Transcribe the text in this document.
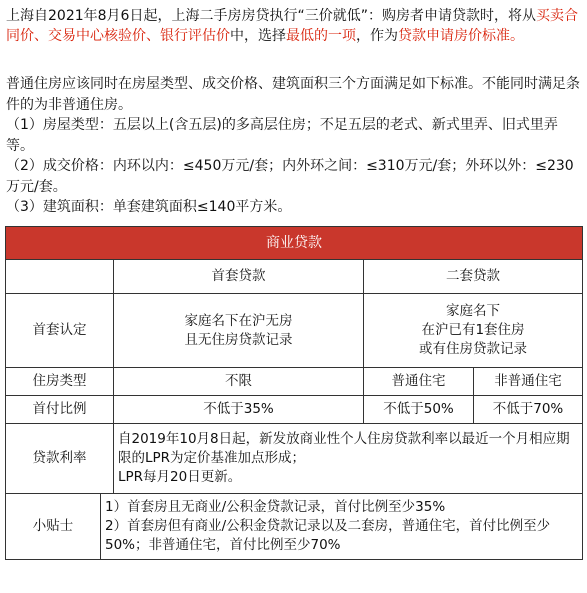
上海自2021年8月6日起，上海二手房房贷执行“三价就低”：购房者申请贷款时，将从买卖合同价、交易中心核验价、银行评估价中，选择最低的一项，作为贷款申请房价标准。

普通住房应该同时在房屋类型、成交价格、建筑面积三个方面满足如下标准。不能同时满足条件的为非普通住房。

（1）房屋类型：五层以上(含五层)的多高层住房；不足五层的老式、新式里弄、旧式里弄等。

（2）成交价格：内环以内：≤450万元/套；内外环之间：≤310万元/套；外环以外：≤230万元/套。

（3）建筑面积：单套建筑面积≤140平方米。

商业贷款				
		首套贷款	二套贷款	
首套认定		家庭名下在沪无房
且无住房贷款记录	家庭名下
在沪已有1套住房
或有住房贷款记录	
住房类型		不限	普通住宅	非普通住宅
首付比例		不低于35%	不低于50%	不低于70%
贷款利率		自2019年10月8日起，新发放商业性个人住房贷款利率以最近一个月相应期限的LPR为定价基准加点形成；
LPR每月20日更新。		
小贴士	1）首套房且无商业/公积金贷款记录，首付比例至少35%
2）首套房但有商业/公积金贷款记录以及二套房，普通住宅，首付比例至少50%；非普通住宅，首付比例至少70%			
